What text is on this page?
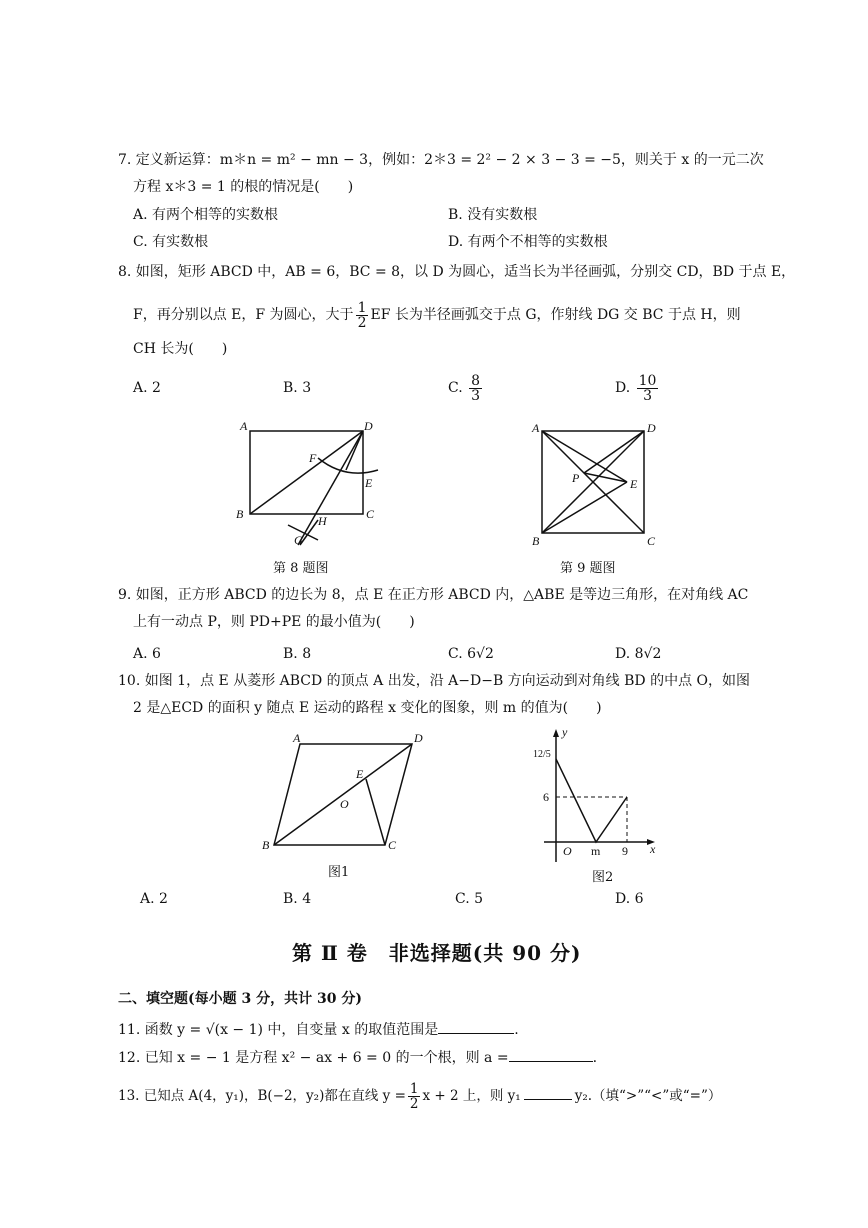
7. 定义新运算：m＊n = m² − mn − 3，例如：2＊3 = 2² − 2 × 3 − 3 = −5，则关于 x 的一元二次
方程 x＊3 = 1 的根的情况是(　　)
A. 有两个相等的实数根	B. 没有实数根
C. 有实数根	D. 有两个不相等的实数根
8. 如图，矩形 ABCD 中，AB = 6，BC = 8，以 D 为圆心，适当长为半径画弧，分别交 CD，BD 于点 E，
F，再分别以点 E，F 为圆心，大于 $\frac{1}{2}$ EF 长为半径画弧交于点 G，作射线 DG 交 BC 于点 H，则
CH 长为(　　)
A. 2	B. 3	C. $\frac{8}{3}$	D. $\frac{10}{3}$
A	D
B	C
E
F
H
G
A	D
B	C
P	E
A	D
B	C
E
O
y
x
O m 9
6
12/5
第 8 题图	第 9 题图
9. 如图，正方形 ABCD 的边长为 8，点 E 在正方形 ABCD 内，△ABE 是等边三角形，在对角线 AC
上有一动点 P，则 PD+PE 的最小值为(　　)
A. 6	B. 8	C. 6√2	D. 8√2
10. 如图 1，点 E 从菱形 ABCD 的顶点 A 出发，沿 A−D−B 方向运动到对角线 BD 的中点 O，如图
2 是△ECD 的面积 y 随点 E 运动的路程 x 变化的图象，则 m 的值为(　　)
图1	图2
A. 2	B. 4	C. 5	D. 6
第 Ⅱ 卷　非选择题(共 90 分)
二、填空题(每小题 3 分，共计 30 分)
11. 函数 y = √(x − 1) 中，自变量 x 的取值范围是	.
12. 已知 x = − 1 是方程 x² − ax + 6 = 0 的一个根，则 a =	.
13. 已知点 A(4，y₁)，B(−2，y₂)都在直线 $y = \frac{1}{2}$ x + 2 上，则 y₁	y₂.（填“>”“<”或“=”）
